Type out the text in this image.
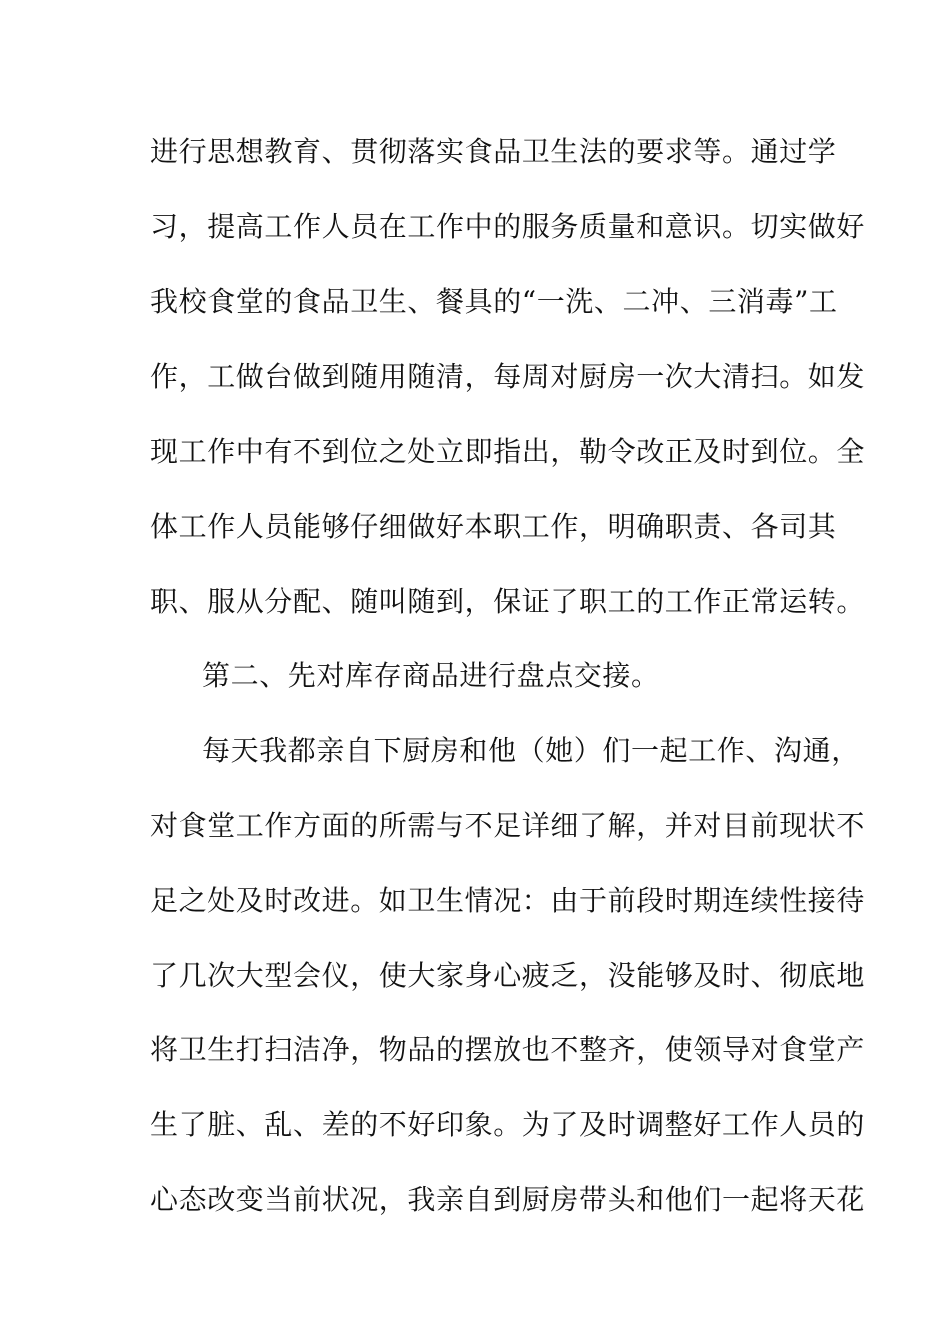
进行思想教育、贯彻落实食品卫生法的要求等。通过学
习，提高工作人员在工作中的服务质量和意识。切实做好
我校食堂的食品卫生、餐具的“一洗、二冲、三消毒”工
作，工做台做到随用随清，每周对厨房一次大清扫。如发
现工作中有不到位之处立即指出，勒令改正及时到位。全
体工作人员能够仔细做好本职工作，明确职责、各司其
职、服从分配、随叫随到，保证了职工的工作正常运转。
第二、先对库存商品进行盘点交接。
每天我都亲自下厨房和他（她）们一起工作、沟通，
对食堂工作方面的所需与不足详细了解，并对目前现状不
足之处及时改进。如卫生情况：由于前段时期连续性接待
了几次大型会仪，使大家身心疲乏，没能够及时、彻底地
将卫生打扫洁净，物品的摆放也不整齐，使领导对食堂产
生了脏、乱、差的不好印象。为了及时调整好工作人员的
心态改变当前状况，我亲自到厨房带头和他们一起将天花
